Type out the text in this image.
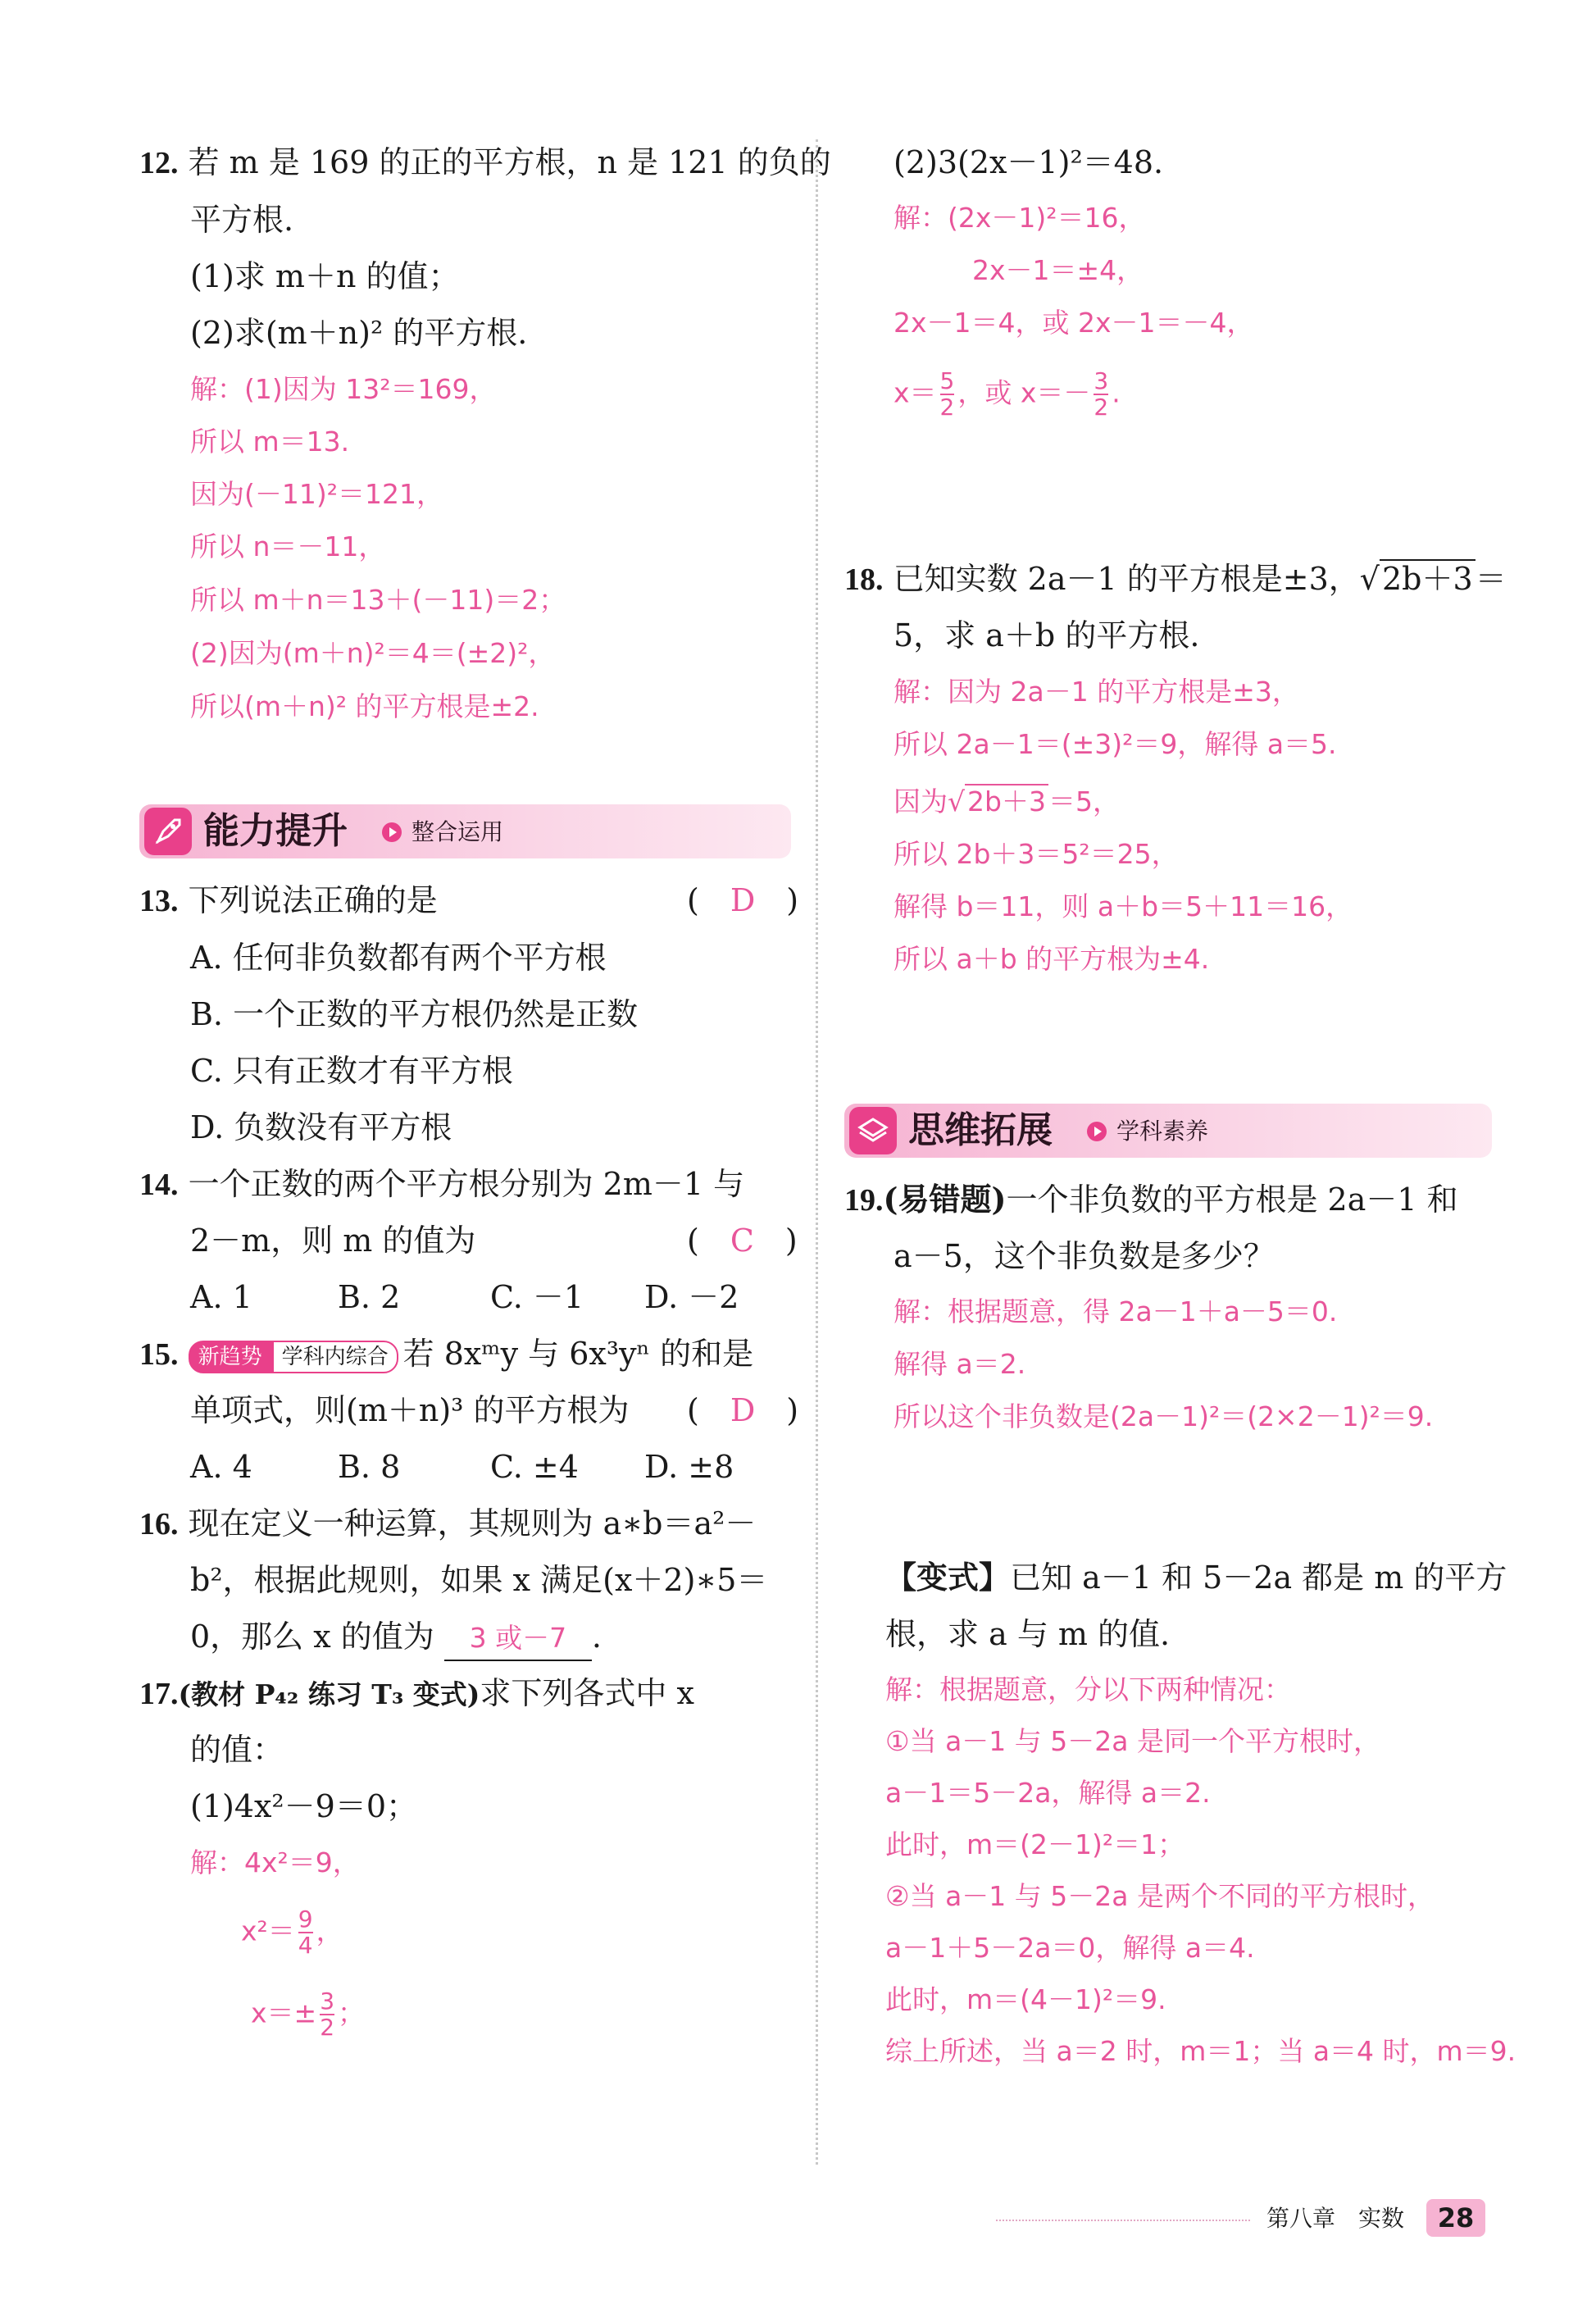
12. 若 m 是 169 的正的平方根，n 是 121 的负的
平方根.
(1)求 m＋n 的值；
(2)求(m＋n)² 的平方根.
解：(1)因为 13²＝169，
所以 m＝13.
因为(－11)²＝121，
所以 n＝－11，
所以 m＋n＝13＋(－11)＝2；
(2)因为(m＋n)²＝4＝(±2)²，
所以(m＋n)² 的平方根是±2.
能力提升	整合运用
13. 下列说法正确的是	(　D　)
A. 任何非负数都有两个平方根
B. 一个正数的平方根仍然是正数
C. 只有正数才有平方根
D. 负数没有平方根
14. 一个正数的两个平方根分别为 2m－1 与
2－m，则 m 的值为	(　C　)
A. 1	B. 2	C. －1 D. －2
15. 新趋势 学科内综合 若 8xᵐy 与 6x³yⁿ 的和是
单项式，则(m＋n)³ 的平方根为 (　D　)
A. 4	B. 8	C. ±4 D. ±8
16. 现在定义一种运算，其规则为 a∗b＝a²－
b²，根据此规则，如果 x 满足(x＋2)∗5＝
0，那么 x 的值为 3 或－7 .
17.(教材 P₄₂ 练习 T₃ 变式)求下列各式中 x
的值：
(1)4x²－9＝0；
解：4x²＝9，
$x^2= \frac{9}{4}$ ，
$x=\pm \frac{3}{2}$ ；
(2)3(2x－1)²＝48.
解：(2x－1)²＝16，
2x－1＝±4，
2x－1＝4，或 2x－1＝－4，
$x= \frac{5}{2}$ ，或 $x=- \frac{3}{2}$ .
18. 已知实数 2a－1 的平方根是±3，√2b＋3＝
5，求 a＋b 的平方根.
解：因为 2a－1 的平方根是±3，
所以 2a－1＝(±3)²＝9，解得 a＝5.
因为√2b＋3＝5，
所以 2b＋3＝5²＝25，
解得 b＝11，则 a＋b＝5＋11＝16，
所以 a＋b 的平方根为±4.
思维拓展	学科素养
19.(易错题)一个非负数的平方根是 2a－1 和
a－5，这个非负数是多少？
解：根据题意，得 2a－1＋a－5＝0.
解得 a＝2.
所以这个非负数是(2a－1)²＝(2×2－1)²＝9.
【变式】已知 a－1 和 5－2a 都是 m 的平方
根，求 a 与 m 的值.
解：根据题意，分以下两种情况：
①当 a－1 与 5－2a 是同一个平方根时，
a－1＝5－2a，解得 a＝2.
此时，m＝(2－1)²＝1；
②当 a－1 与 5－2a 是两个不同的平方根时，
a－1＋5－2a＝0，解得 a＝4.
此时，m＝(4－1)²＝9.
综上所述，当 a＝2 时，m＝1；当 a＝4 时，m＝9.
第八章　实数	28
